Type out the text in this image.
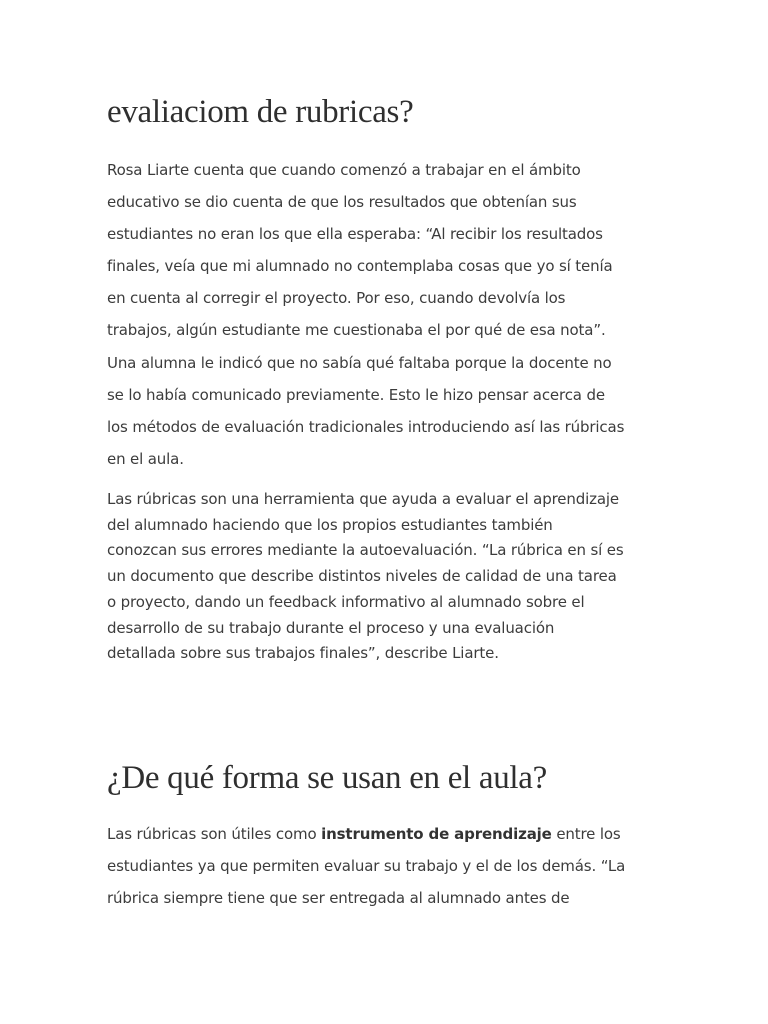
evaliaciom de rubricas?

Rosa Liarte cuenta que cuando comenzó a trabajar en el ámbito
educativo se dio cuenta de que los resultados que obtenían sus
estudiantes no eran los que ella esperaba: “Al recibir los resultados
finales, veía que mi alumnado no contemplaba cosas que yo sí tenía
en cuenta al corregir el proyecto. Por eso, cuando devolvía los
trabajos, algún estudiante me cuestionaba el por qué de esa nota”.
Una alumna le indicó que no sabía qué faltaba porque la docente no
se lo había comunicado previamente. Esto le hizo pensar acerca de
los métodos de evaluación tradicionales introduciendo así las rúbricas
en el aula.

Las rúbricas son una herramienta que ayuda a evaluar el aprendizaje
del alumnado haciendo que los propios estudiantes también
conozcan sus errores mediante la autoevaluación. “La rúbrica en sí es
un documento que describe distintos niveles de calidad de una tarea
o proyecto, dando un feedback informativo al alumnado sobre el
desarrollo de su trabajo durante el proceso y una evaluación
detallada sobre sus trabajos finales”, describe Liarte.

¿De qué forma se usan en el aula?

Las rúbricas son útiles como instrumento de aprendizaje entre los
estudiantes ya que permiten evaluar su trabajo y el de los demás. “La
rúbrica siempre tiene que ser entregada al alumnado antes de
